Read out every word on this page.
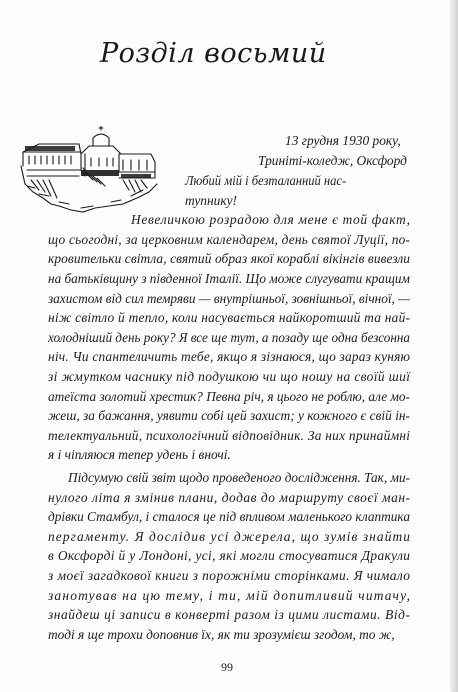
Розділ восьмий
13 грудня 1930 року,
Триніті-коледж, Оксфорд
Любий мій і безталанний нас-
тупнику!
Невеличкою розрадою для мене є той факт,
що сьогодні, за церковним календарем, день святої Луції, по-
кровительки світла, святий образ якої кораблі вікінгів вивезли
на батьківщину з південної Італії. Що може слугувати кращим
захистом від сил темряви — внутрішньої, зовнішньої, вічної, —
ніж світло й тепло, коли насувається найкоротший та най-
холодніший день року? Я все ще тут, а позаду ще одна безсонна
ніч. Чи спантеличить тебе, якщо я зізнаюся, що зараз куняю
зі жмутком часнику під подушкою чи що ношу на своїй шиї
атеїста золотий хрестик? Певна річ, я цього не роблю, але мо-
жеш, за бажання, уявити собі цей захист; у кожного є свій ін-
телектуальний, психологічний відповідник. За них принаймні
я і чіпляюся тепер удень і вночі.
Підсумую свій звіт щодо проведеного дослідження. Так, ми-
нулого літа я змінив плани, додав до маршруту своєї ман-
дрівки Стамбул, і сталося це під впливом маленького клаптика
пергаменту. Я дослідив усі джерела, що зумів знайти
в Оксфорді й у Лондоні, усі, які могли стосуватися Дракули
з моєї загадкової книги з порожніми сторінками. Я чимало
занотував на цю тему, і ти, мій допитливий читачу,
знайдеш ці записи в конверті разом із цими листами. Від-
тоді я ще трохи доповнив їх, як ти зрозумієш згодом, то ж,
99
